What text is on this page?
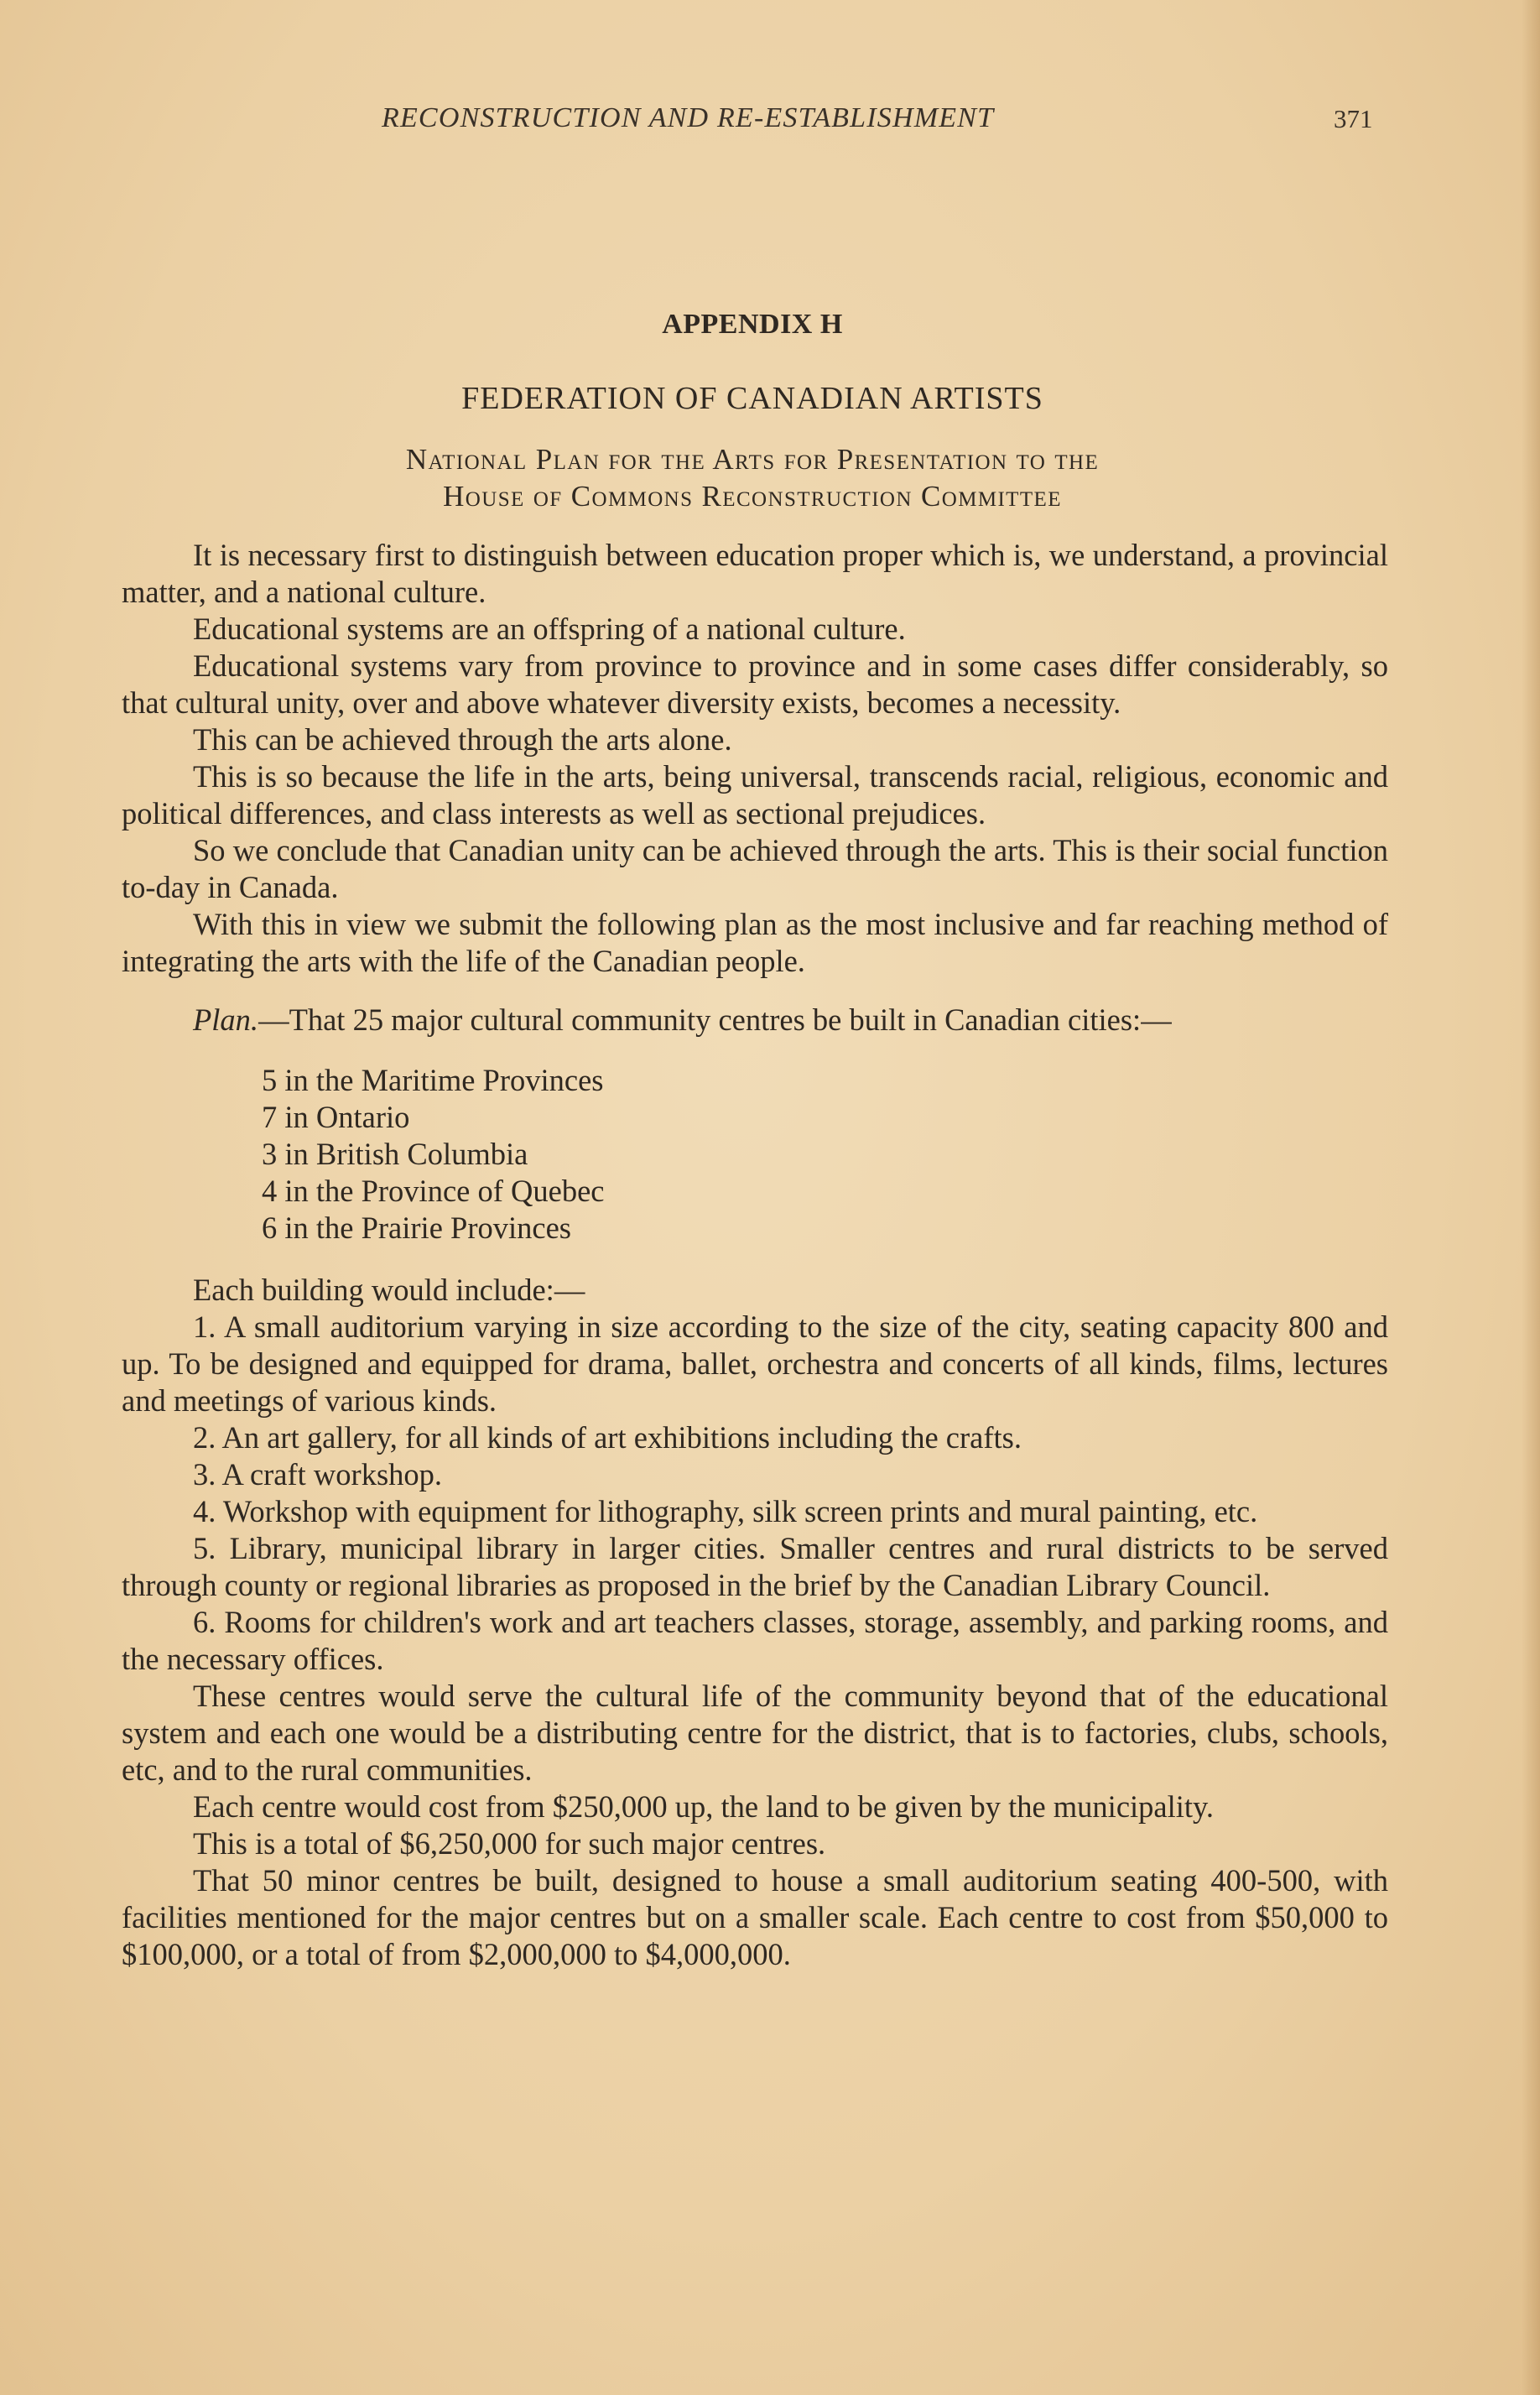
RECONSTRUCTION AND RE-ESTABLISHMENT	371
APPENDIX H
FEDERATION OF CANADIAN ARTISTS
National Plan for the Arts for Presentation to the
House of Commons Reconstruction Committee

It is necessary first to distinguish between education proper which is, we understand, a provincial matter, and a national culture.

Educational systems are an offspring of a national culture.

Educational systems vary from province to province and in some cases differ considerably, so that cultural unity, over and above whatever diversity exists, becomes a necessity.

This can be achieved through the arts alone.

This is so because the life in the arts, being universal, transcends racial, religious, economic and political differences, and class interests as well as sectional prejudices.

So we conclude that Canadian unity can be achieved through the arts. This is their social function to-day in Canada.

With this in view we submit the following plan as the most inclusive and far reaching method of integrating the arts with the life of the Canadian people.

Plan.—That 25 major cultural community centres be built in Canadian cities:—

5 in the Maritime Provinces
7 in Ontario
3 in British Columbia
4 in the Province of Quebec
6 in the Prairie Provinces

Each building would include:—

1. A small auditorium varying in size according to the size of the city, seating capacity 800 and up. To be designed and equipped for drama, ballet, orchestra and concerts of all kinds, films, lectures and meetings of various kinds.

2. An art gallery, for all kinds of art exhibitions including the crafts.

3. A craft workshop.

4. Workshop with equipment for lithography, silk screen prints and mural painting, etc.

5. Library, municipal library in larger cities. Smaller centres and rural districts to be served through county or regional libraries as proposed in the brief by the Canadian Library Council.

6. Rooms for children's work and art teachers classes, storage, assembly, and parking rooms, and the necessary offices.

These centres would serve the cultural life of the community beyond that of the educational system and each one would be a distributing centre for the district, that is to factories, clubs, schools, etc, and to the rural communities.

Each centre would cost from $250,000 up, the land to be given by the municipality.

This is a total of $6,250,000 for such major centres.

That 50 minor centres be built, designed to house a small auditorium seating 400-500, with facilities mentioned for the major centres but on a smaller scale. Each centre to cost from $50,000 to $100,000, or a total of from $2,000,000 to $4,000,000.
